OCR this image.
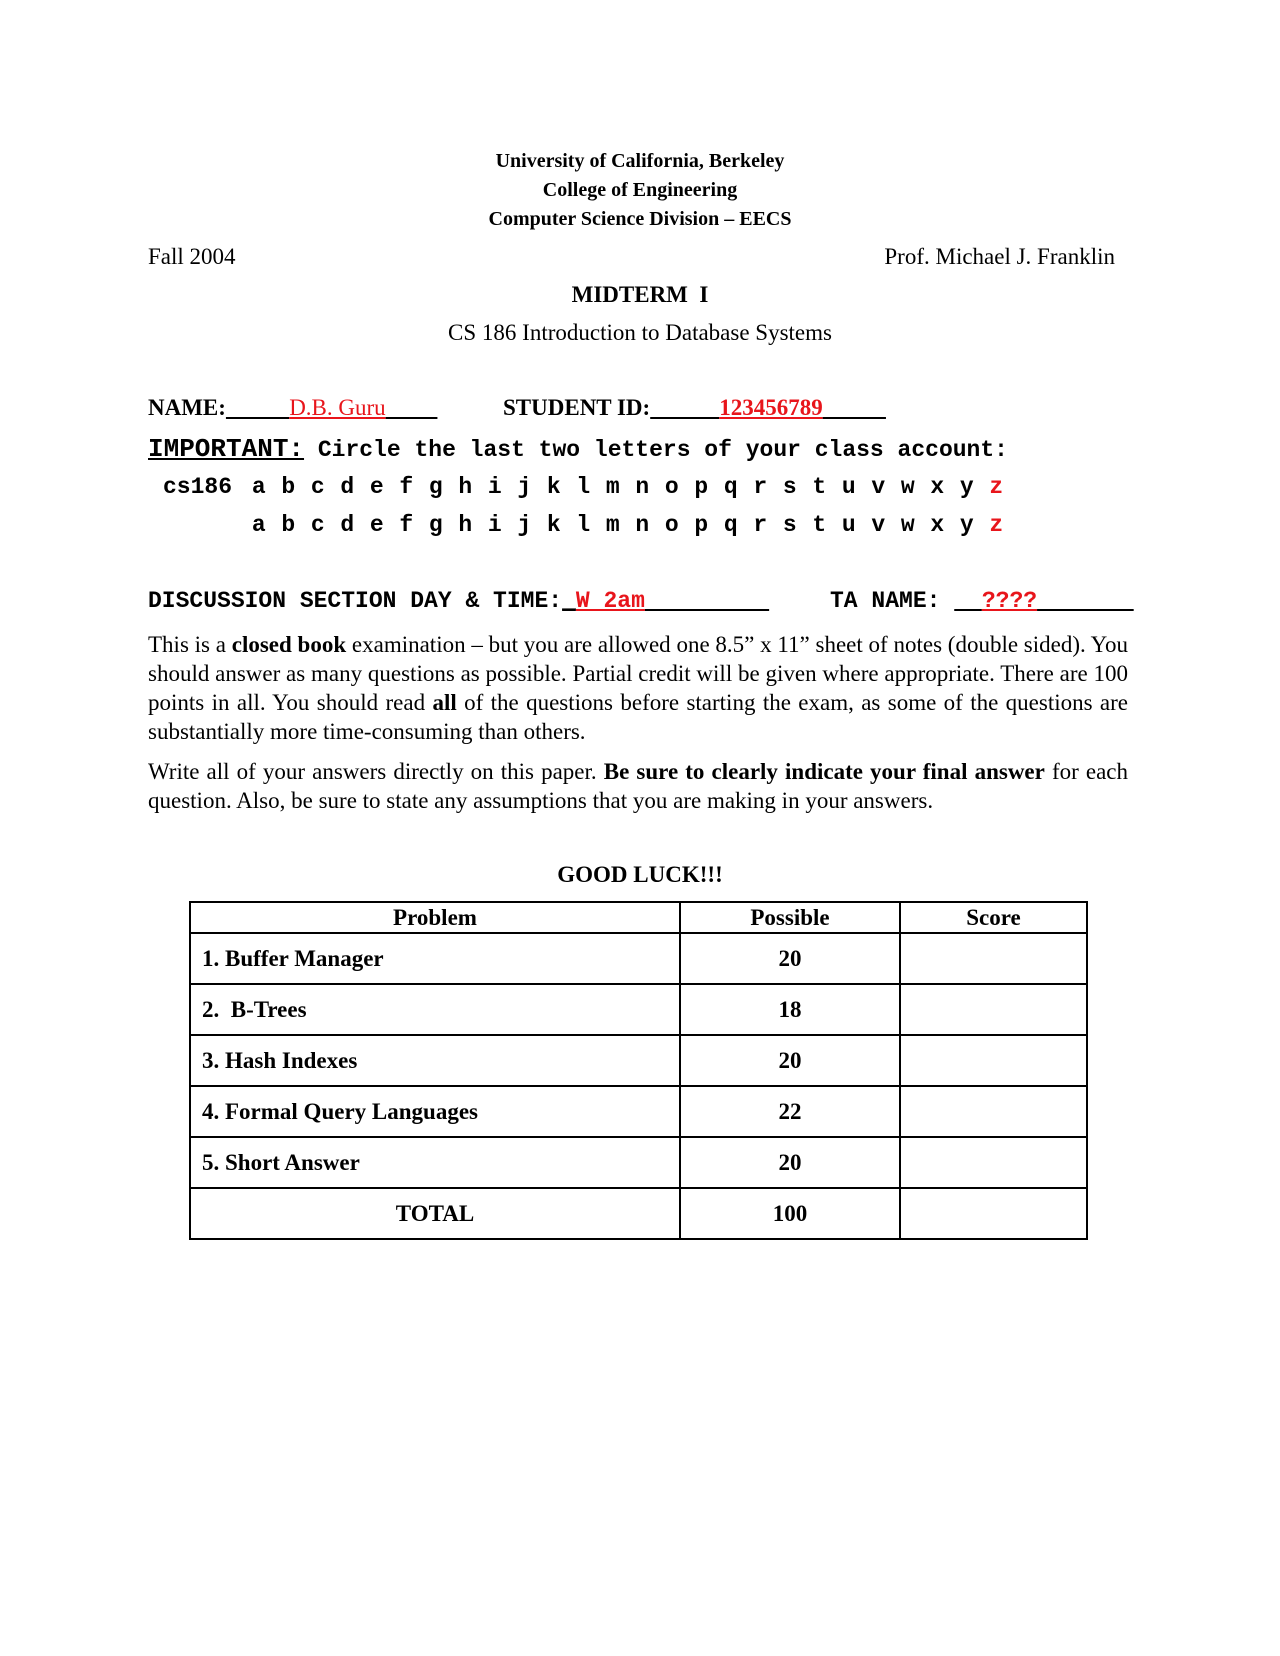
University of California, Berkeley
College of Engineering
Computer Science Division – EECS
Fall 2004	Prof. Michael J. Franklin
MIDTERM  I
CS 186 Introduction to Database Systems
NAME:	D.B. Guru	STUDENT ID:	123456789
IMPORTANT: Circle the last two letters of your class account:
cs186 a b c d e f g h i j k l m n o p q r s t u v w x y z
a b c d e f g h i j k l m n o p q r s t u v w x y z
DISCUSSION SECTION DAY & TIME:_W 2am	TA NAME: ????
This is a closed book examination – but you are allowed one 8.5” x 11” sheet of notes (double sided). You should answer as many questions as possible. Partial credit will be given where appropriate. There are 100 points in all. You should read all of the questions before starting the exam, as some of the questions are substantially more time-consuming than others.
Write all of your answers directly on this paper. Be sure to clearly indicate your final answer for each question. Also, be sure to state any assumptions that you are making in your answers.
GOOD LUCK!!!
Problem	Possible	Score
1. Buffer Manager	20	
2.  B-Trees	18	
3. Hash Indexes	20	
4. Formal Query Languages	22	
5. Short Answer	20	
TOTAL	100	
